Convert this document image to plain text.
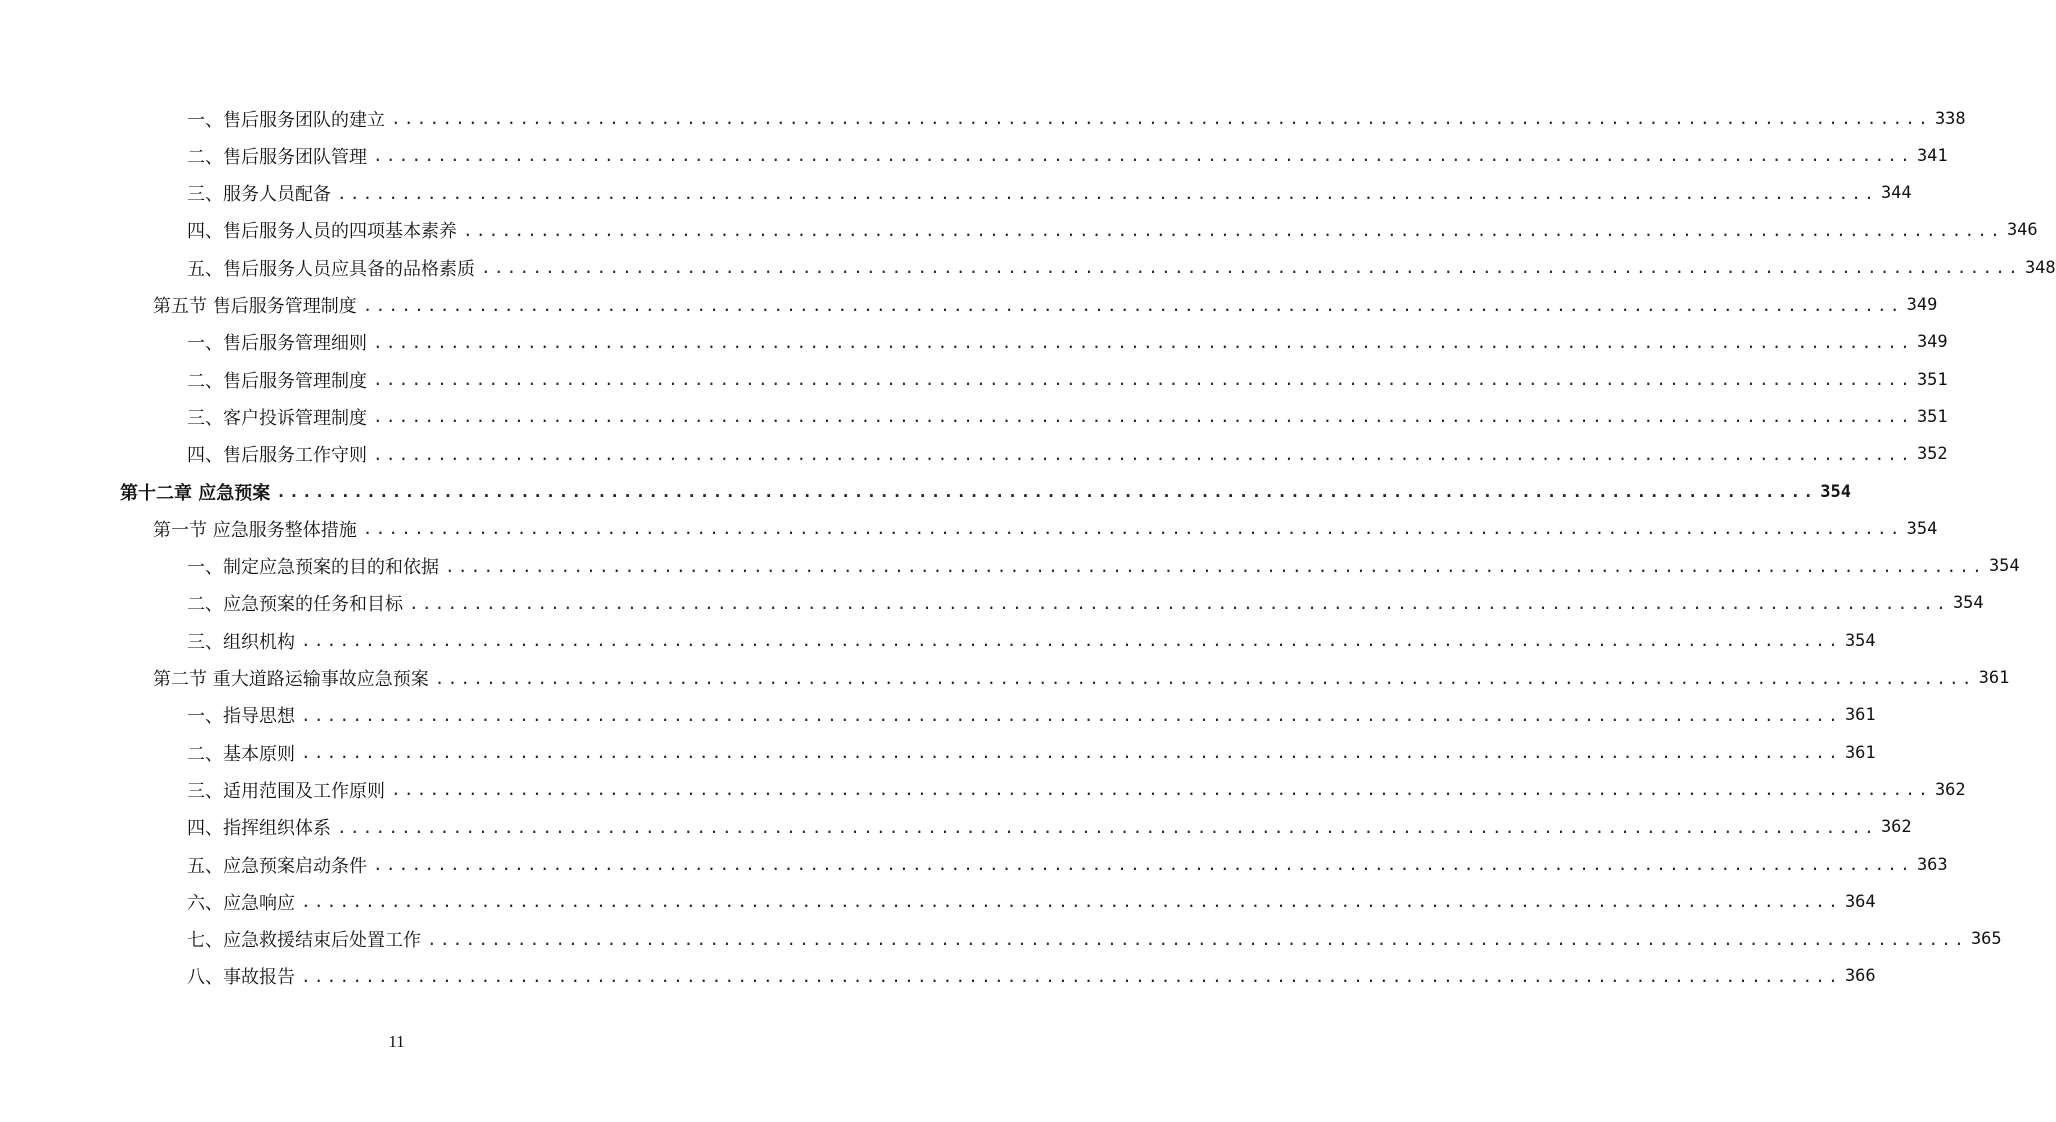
一、售后服务团队的建立 ........................................................................................................................ 338
二、售后服务团队管理 ........................................................................................................................ 341
三、服务人员配备 ........................................................................................................................ 344
四、售后服务人员的四项基本素养 ........................................................................................................................ 346
五、售后服务人员应具备的品格素质 ........................................................................................................................ 348
第五节 售后服务管理制度 ........................................................................................................................ 349
一、售后服务管理细则 ........................................................................................................................ 349
二、售后服务管理制度 ........................................................................................................................ 351
三、客户投诉管理制度 ........................................................................................................................ 351
四、售后服务工作守则 ........................................................................................................................ 352
第十二章 应急预案 ........................................................................................................................ 354
第一节 应急服务整体措施 ........................................................................................................................ 354
一、制定应急预案的目的和依据 ........................................................................................................................ 354
二、应急预案的任务和目标 ........................................................................................................................ 354
三、组织机构 ........................................................................................................................ 354
第二节 重大道路运输事故应急预案 ........................................................................................................................ 361
一、指导思想 ........................................................................................................................ 361
二、基本原则 ........................................................................................................................ 361
三、适用范围及工作原则 ........................................................................................................................ 362
四、指挥组织体系 ........................................................................................................................ 362
五、应急预案启动条件 ........................................................................................................................ 363
六、应急响应 ........................................................................................................................ 364
七、应急救援结束后处置工作 ........................................................................................................................ 365
八、事故报告 ........................................................................................................................ 366
11
